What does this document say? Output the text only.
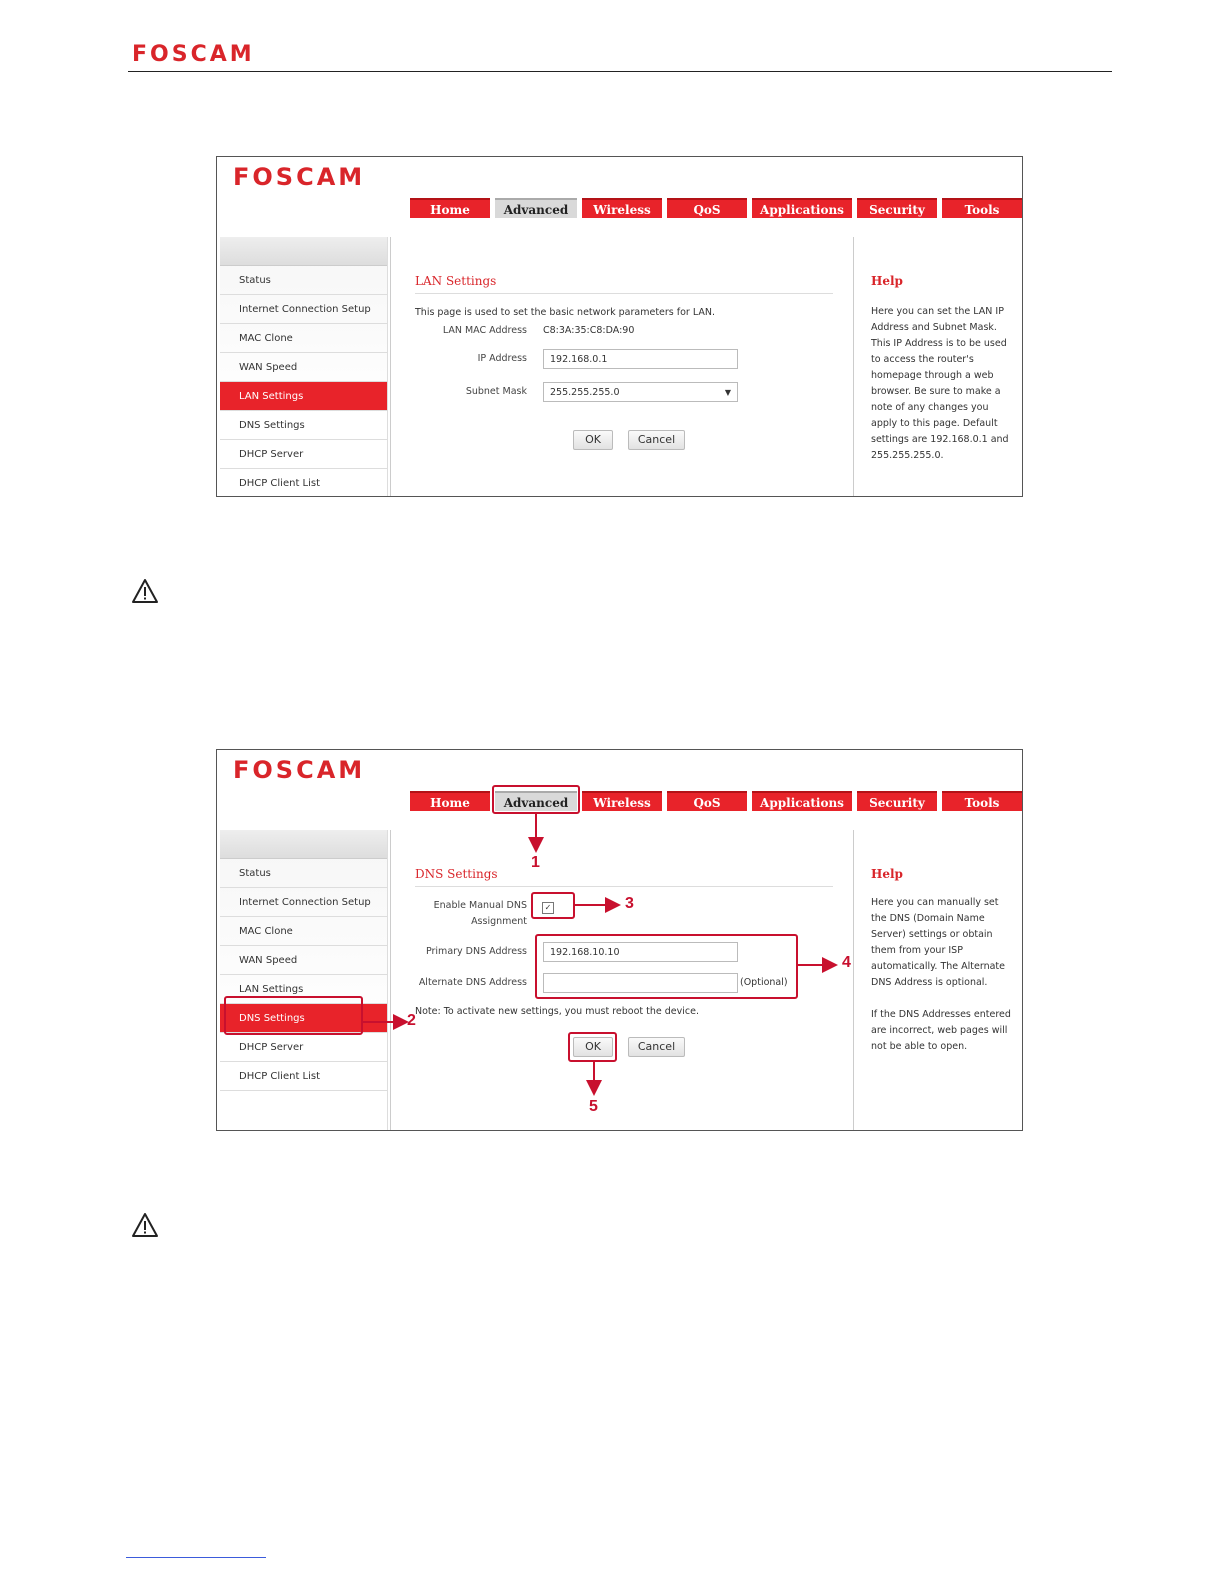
FOSCAM
FOSCAM
Home	Advanced	Wireless	QoS	Applications	Security	Tools
Status
Internet Connection Setup
MAC Clone
WAN Speed
LAN Settings
DNS Settings
DHCP Server
DHCP Client List
LAN Settings
This page is used to set the basic network parameters for LAN.
LAN MAC Address C8:3A:35:C8:DA:90
IP Address	192.168.0.1
Subnet Mask	255.255.255.0	▼
OK	Cancel
Help
Here you can set the LAN IP Address and Subnet Mask. This IP Address is to be used to access the router's homepage through a web browser. Be sure to make a note of any changes you apply to this page. Default settings are 192.168.0.1 and 255.255.255.0.
FOSCAM
Home	Advanced	Wireless	QoS	Applications	Security	Tools
Status
Internet Connection Setup
MAC Clone
WAN Speed
LAN Settings
DNS Settings
DHCP Server
DHCP Client List
DNS Settings
Enable Manual DNS
Assignment
✓
Primary DNS Address	192.168.10.10
Alternate DNS Address	(Optional)
Note: To activate new settings, you must reboot the device.
OK	Cancel
Help
Here you can manually set the DNS (Domain Name Server) settings or obtain them from your ISP automatically. The Alternate DNS Address is optional.
If the DNS Addresses entered are incorrect, web pages will not be able to open.
1
2
3
4
5
